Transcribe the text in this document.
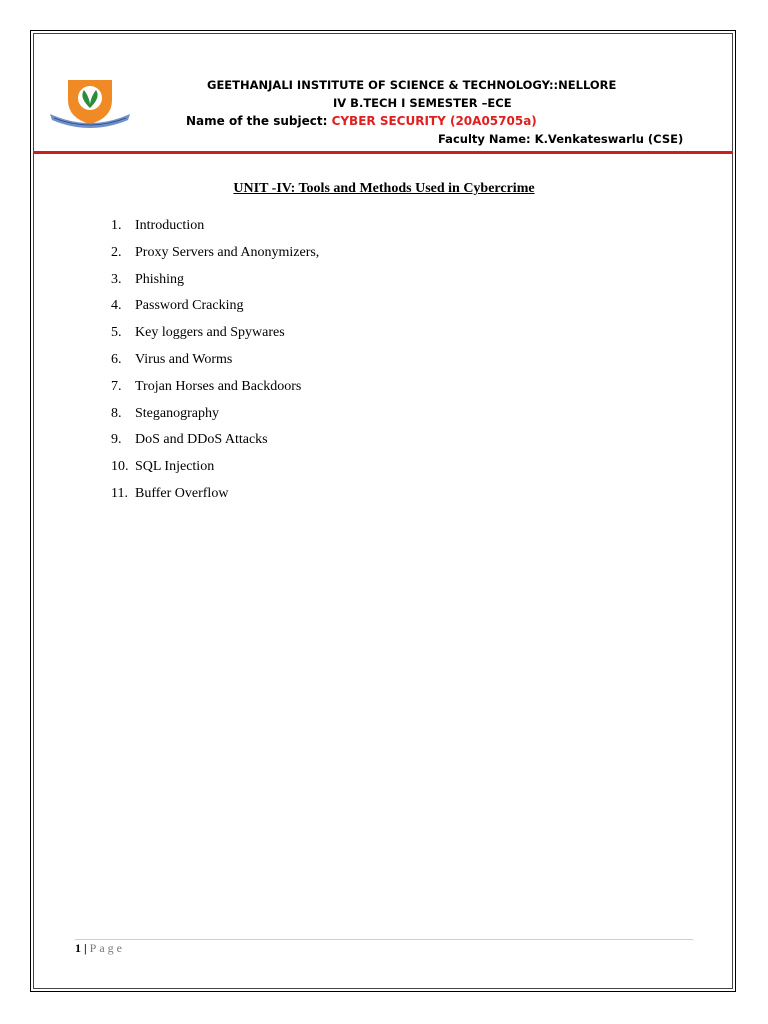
GEETHANJALI INSTITUTE OF SCIENCE & TECHNOLOGY::NELLORE
IV B.TECH I SEMESTER –ECE
Name of the subject: CYBER SECURITY (20A05705a)
Faculty Name: K.Venkateswarlu (CSE)
UNIT -IV: Tools and Methods Used in Cybercrime
1. Introduction
2. Proxy Servers and Anonymizers,
3. Phishing
4. Password Cracking
5. Key loggers and Spywares
6. Virus and Worms
7. Trojan Horses and Backdoors
8. Steganography
9. DoS and DDoS Attacks
10. SQL Injection
11. Buffer Overflow
1 | Page
